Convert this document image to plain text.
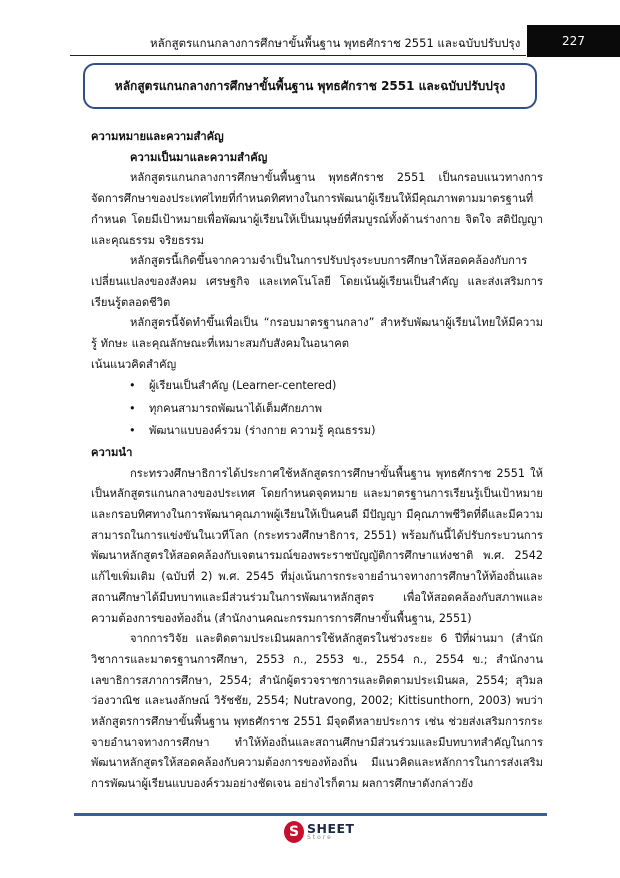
หลักสูตรแกนกลางการศึกษาขั้นพื้นฐาน พุทธศักราช 2551 และฉบับปรับปรุง	227
หลักสูตรแกนกลางการศึกษาขั้นพื้นฐาน พุทธศักราช 2551 และฉบับปรับปรุง

ความหมายและความสำคัญ

ความเป็นมาและความสำคัญ

หลักสูตรแกนกลางการศึกษาขั้นพื้นฐาน พุทธศักราช 2551 เป็นกรอบแนวทางการจัดการศึกษาของประเทศไทยที่กำหนดทิศทางในการพัฒนาผู้เรียนให้มีคุณภาพตามมาตรฐานที่กำหนด โดยมีเป้าหมายเพื่อพัฒนาผู้เรียนให้เป็นมนุษย์ที่สมบูรณ์ทั้งด้านร่างกาย จิตใจ สติปัญญา และคุณธรรม จริยธรรม

หลักสูตรนี้เกิดขึ้นจากความจำเป็นในการปรับปรุงระบบการศึกษาให้สอดคล้องกับการเปลี่ยนแปลงของสังคม เศรษฐกิจ และเทคโนโลยี โดยเน้นผู้เรียนเป็นสำคัญ และส่งเสริมการเรียนรู้ตลอดชีวิต

หลักสูตรนี้จัดทำขึ้นเพื่อเป็น “กรอบมาตรฐานกลาง” สำหรับพัฒนาผู้เรียนไทยให้มีความรู้ ทักษะ และคุณลักษณะที่เหมาะสมกับสังคมในอนาคต

เน้นแนวคิดสำคัญ

• ผู้เรียนเป็นสำคัญ (Learner-centered)
• ทุกคนสามารถพัฒนาได้เต็มศักยภาพ
• พัฒนาแบบองค์รวม (ร่างกาย ความรู้ คุณธรรม)

ความนำ

กระทรวงศึกษาธิการได้ประกาศใช้หลักสูตรการศึกษาขั้นพื้นฐาน พุทธศักราช 2551 ให้เป็นหลักสูตรแกนกลางของประเทศ โดยกำหนดจุดหมาย และมาตรฐานการเรียนรู้เป็นเป้าหมาย และกรอบทิศทางในการพัฒนาคุณภาพผู้เรียนให้เป็นคนดี มีปัญญา มีคุณภาพชีวิตที่ดีและมีความสามารถในการแข่งขันในเวทีโลก (กระทรวงศึกษาธิการ, 2551) พร้อมกันนี้ได้ปรับกระบวนการพัฒนาหลักสูตรให้สอดคล้องกับเจตนารมณ์ของพระราชบัญญัติการศึกษาแห่งชาติ พ.ศ. 2542 แก้ไขเพิ่มเติม (ฉบับที่ 2) พ.ศ. 2545 ที่มุ่งเน้นการกระจายอำนาจทางการศึกษาให้ท้องถิ่นและสถานศึกษาได้มีบทบาทและมีส่วนร่วมในการพัฒนาหลักสูตร เพื่อให้สอดคล้องกับสภาพและความต้องการของท้องถิ่น (สำนักงานคณะกรรมการการศึกษาขั้นพื้นฐาน, 2551)

จากการวิจัย และติดตามประเมินผลการใช้หลักสูตรในช่วงระยะ 6 ปีที่ผ่านมา (สำนักวิชาการและมาตรฐานการศึกษา, 2553 ก., 2553 ข., 2554 ก., 2554 ข.; สำนักงานเลขาธิการสภาการศึกษา, 2554; สำนักผู้ตรวจราชการและติดตามประเมินผล, 2554; สุวิมล ว่องวาณิช และนงลักษณ์ วิรัชชัย, 2554; Nutravong, 2002; Kittisunthorn, 2003) พบว่าหลักสูตรการศึกษาขั้นพื้นฐาน พุทธศักราช 2551 มีจุดดีหลายประการ เช่น ช่วยส่งเสริมการกระจายอำนาจทางการศึกษา ทำให้ท้องถิ่นและสถานศึกษามีส่วนร่วมและมีบทบาทสำคัญในการพัฒนาหลักสูตรให้สอดคล้องกับความต้องการของท้องถิ่น มีแนวคิดและหลักการในการส่งเสริมการพัฒนาผู้เรียนแบบองค์รวมอย่างชัดเจน อย่างไรก็ตาม ผลการศึกษาดังกล่าวยัง

S SHEET
Store
